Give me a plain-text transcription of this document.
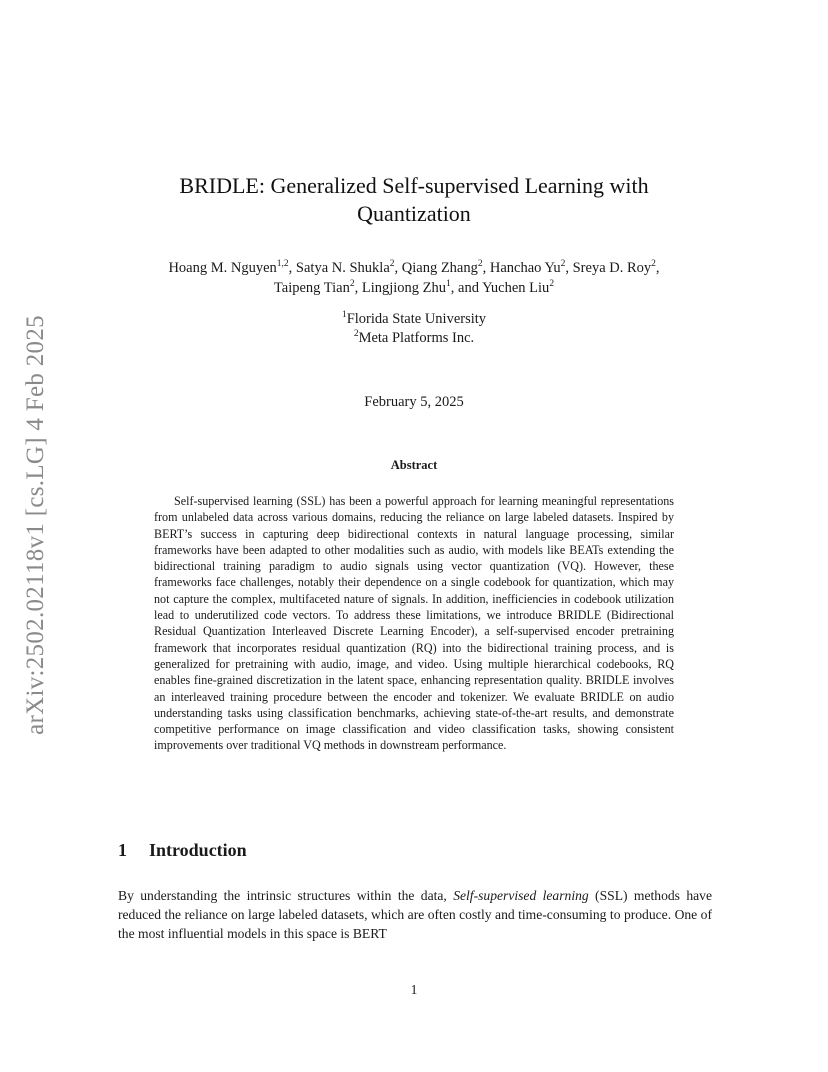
arXiv:2502.02118v1 [cs.LG] 4 Feb 2025
BRIDLE: Generalized Self-supervised Learning with
Quantization
Hoang M. Nguyen$^{1,2}$, Satya N. Shukla$^2$, Qiang Zhang$^2$, Hanchao Yu$^2$, Sreya D. Roy$^2$,
Taipeng Tian$^2$, Lingjiong Zhu$^1$, and Yuchen Liu$^2$
$^1$Florida State University
$^2$Meta Platforms Inc.
February 5, 2025
Abstract
Self-supervised learning (SSL) has been a powerful approach for learning meaningful representations from unlabeled data across various domains, reducing the reliance on large labeled datasets. Inspired by BERT’s success in capturing deep bidirectional contexts in natural language processing, similar frameworks have been adapted to other modalities such as audio, with models like BEATs extending the bidirectional training paradigm to audio signals using vector quantization (VQ). However, these frameworks face challenges, notably their dependence on a single codebook for quantization, which may not capture the complex, multifaceted nature of signals. In addition, inefficiencies in codebook utilization lead to underutilized code vectors. To address these limitations, we introduce BRIDLE (Bidirectional Residual Quantization Interleaved Discrete Learning Encoder), a self-supervised encoder pretraining framework that incorporates residual quantization (RQ) into the bidirectional training process, and is generalized for pretraining with audio, image, and video. Using multiple hierarchical codebooks, RQ enables fine-grained discretization in the latent space, enhancing representation quality. BRIDLE involves an interleaved training procedure between the encoder and tokenizer. We evaluate BRIDLE on audio understanding tasks using classification benchmarks, achieving state-of-the-art results, and demonstrate competitive performance on image classification and video classification tasks, showing consistent improvements over traditional VQ methods in downstream performance.
1 Introduction
By understanding the intrinsic structures within the data, Self-supervised learning (SSL) methods have reduced the reliance on large labeled datasets, which are often costly and time-consuming to produce. One of the most influential models in this space is BERT
1
